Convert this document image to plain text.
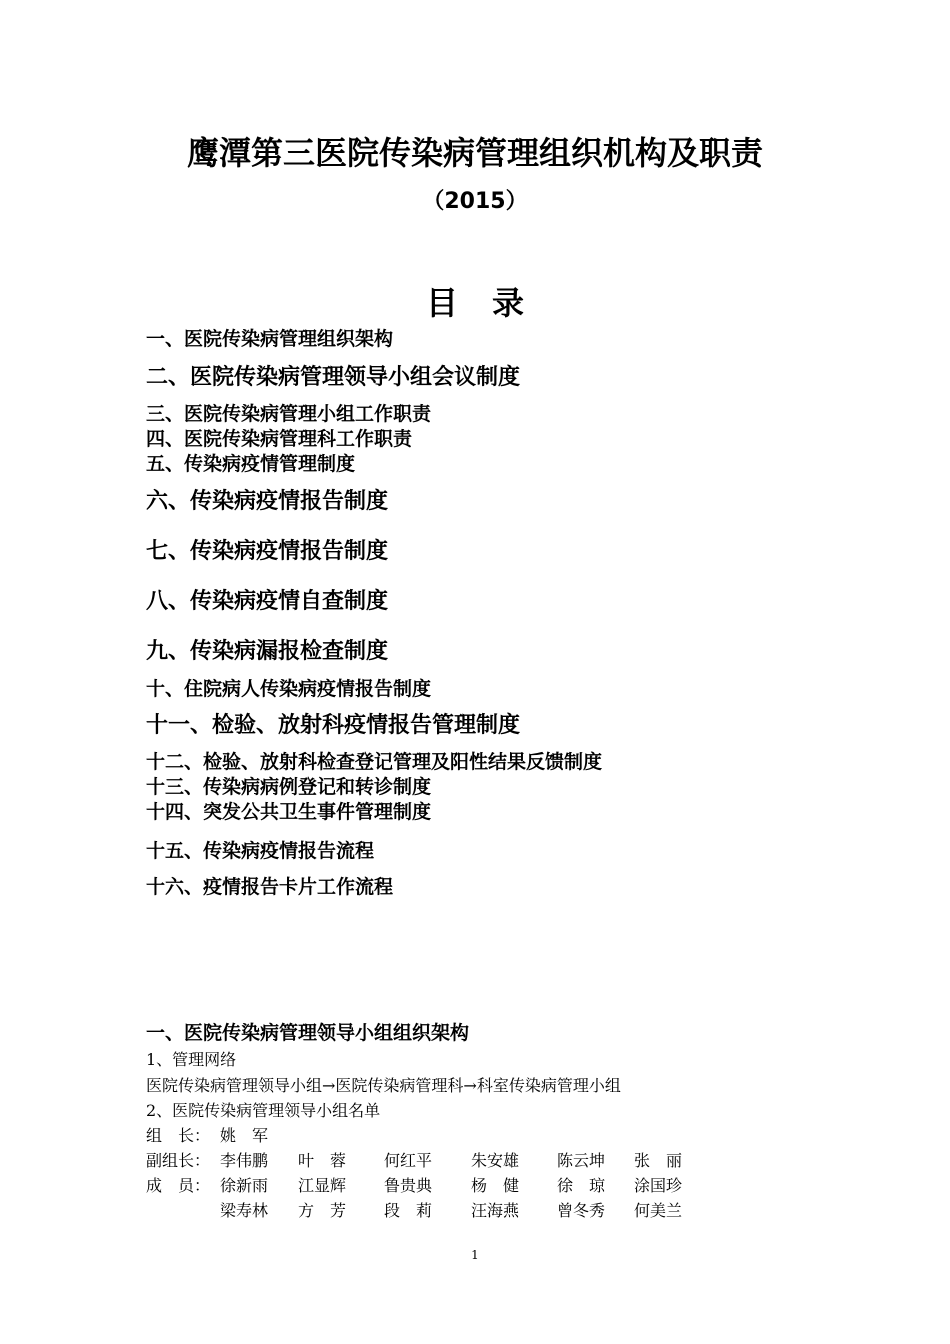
鹰潭第三医院传染病管理组织机构及职责
（2015）
目录
一、医院传染病管理组织架构
二、医院传染病管理领导小组会议制度
三、医院传染病管理小组工作职责
四、医院传染病管理科工作职责
五、传染病疫情管理制度
六、传染病疫情报告制度
七、传染病疫情报告制度
八、传染病疫情自查制度
九、传染病漏报检查制度
十、住院病人传染病疫情报告制度
十一、检验、放射科疫情报告管理制度
十二、检验、放射科检查登记管理及阳性结果反馈制度
十三、传染病病例登记和转诊制度
十四、突发公共卫生事件管理制度
十五、传染病疫情报告流程
十六、疫情报告卡片工作流程
一、医院传染病管理领导小组组织架构
1、管理网络
医院传染病管理领导小组→医院传染病管理科→科室传染病管理小组
2、医院传染病管理领导小组名单
组　长： 姚　军
副组长： 李伟鹏 叶　蓉 何红平 朱安雄 陈云坤 张　丽
成　员： 徐新雨 江显辉 鲁贵典 杨　健 徐　琼 涂国珍
梁寿林 方　芳 段　莉 汪海燕 曾冬秀 何美兰
1
